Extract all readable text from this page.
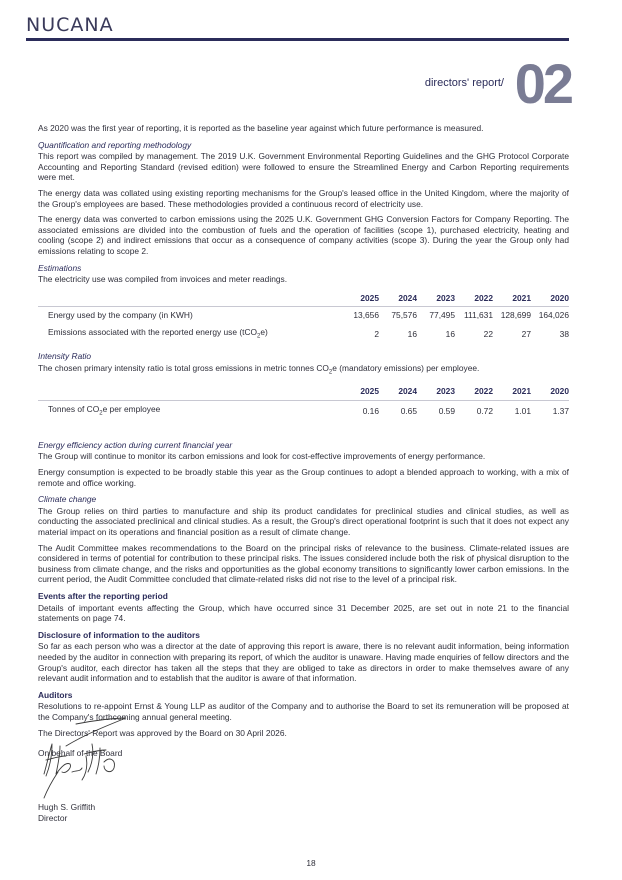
NUCANA
directors' report/ 02

As 2020 was the first year of reporting, it is reported as the baseline year against which future performance is measured.

Quantification and reporting methodology

This report was compiled by management. The 2019 U.K. Government Environmental Reporting Guidelines and the GHG Protocol Corporate Accounting and Reporting Standard (revised edition) were followed to ensure the Streamlined Energy and Carbon Reporting requirements were met.

The energy data was collated using existing reporting mechanisms for the Group's leased office in the United Kingdom, where the majority of the Group's employees are based. These methodologies provided a continuous record of electricity use.

The energy data was converted to carbon emissions using the 2025 U.K. Government GHG Conversion Factors for Company Reporting. The associated emissions are divided into the combustion of fuels and the operation of facilities (scope 1), purchased electricity, heating and cooling (scope 2) and indirect emissions that occur as a consequence of company activities (scope 3). During the year the Group only had emissions relating to scope 2.

Estimations

The electricity use was compiled from invoices and meter readings.

	2025	2024	2023	2022	2021	2020
Energy used by the company (in KWH)	13,656	75,576	77,495	111,631	128,699	164,026
Emissions associated with the reported energy use (tCO$_2$e)	2	16	16	22	27	38
Intensity Ratio

The chosen primary intensity ratio is total gross emissions in metric tonnes $CO_2e$ (mandatory emissions) per employee.

	2025	2024	2023	2022	2021	2020
Tonnes of $CO_2e$ per employee	0.16	0.65	0.59	0.72	1.01	1.37
Energy efficiency action during current financial year

The Group will continue to monitor its carbon emissions and look for cost-effective improvements of energy performance.

Energy consumption is expected to be broadly stable this year as the Group continues to adopt a blended approach to working, with a mix of remote and office working.

Climate change

The Group relies on third parties to manufacture and ship its product candidates for preclinical studies and clinical studies, as well as conducting the associated preclinical and clinical studies. As a result, the Group's direct operational footprint is such that it does not expect any material impact on its operations and financial position as a result of climate change.

The Audit Committee makes recommendations to the Board on the principal risks of relevance to the business. Climate-related issues are considered in terms of potential for contribution to these principal risks. The issues considered include both the risk of physical disruption to the business from climate change, and the risks and opportunities as the global economy transitions to significantly lower carbon emissions. In the current period, the Audit Committee concluded that climate-related risks did not rise to the level of a principal risk.

Events after the reporting period

Details of important events affecting the Group, which have occurred since 31 December 2025, are set out in note 21 to the financial statements on page 74.

Disclosure of information to the auditors

So far as each person who was a director at the date of approving this report is aware, there is no relevant audit information, being information needed by the auditor in connection with preparing its report, of which the auditor is unaware. Having made enquiries of fellow directors and the Group's auditor, each director has taken all the steps that they are obliged to take as directors in order to make themselves aware of any relevant audit information and to establish that the auditor is aware of that information.

Auditors

Resolutions to re-appoint Ernst & Young LLP as auditor of the Company and to authorise the Board to set its remuneration will be proposed at the Company's forthcoming annual general meeting.

The Directors' Report was approved by the Board on 30 April 2026.

On behalf of the Board

Hugh S. Griffith
Director
18
